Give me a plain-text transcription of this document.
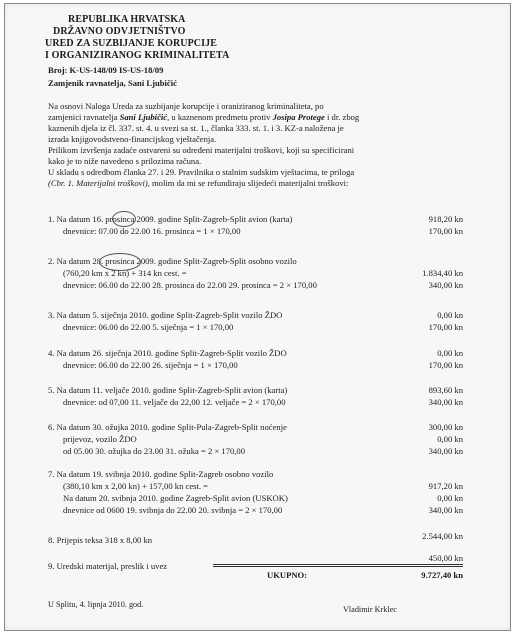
REPUBLIKA HRVATSKA
DRŽAVNO ODVJETNIŠTVO
URED ZA SUZBIJANJE KORUPCIJE
I ORGANIZIRANOG KRIMINALITETA
Broj: K-US-148/09 IS-US-18/09
Zamjenik ravnatelja, Sani Ljubičić
Na osnovi Naloga Ureda za suzbijanje korupcije i oraniziranog kriminaliteta, po
zamjenici ravnatelja Sani Ljubičić, u kaznenom predmetu protiv Josipa Protege i dr. zbog
kaznenih djela iz čl. 337. st. 4. u svezi sa st. 1., članka 333. st. 1. i 3. KZ-a naložena je
izrada knjigovodstveno-financijskog vještačenja.
Prilikom izvršenja zadaće ostvareni su određeni materijalni troškovi, koji su specificirani
kako je to niže navedeno s prilozima računa.
U skladu s odredbom članka 27. i 29. Pravilnika o stalnim sudskim vještacima, te priloga
(Cbr. 1. Materijalni troškovi), molim da mi se refundiraju slijedeći materijalni troškovi:
1. Na datum 16. prosinca 2009. godine Split-Zagreb-Split avion (karta)
dnevnice: 07.00 do 22.00 16. prosinca = 1 × 170,00
918,20 kn
170,00 kn
2. Na datum 28. prosinca 2009. godine Split-Zagreb-Split osobno vozilo
(760,20 km x 2 kn) + 314 kn cest. =
dnevnice: 06.00 do 22.00 28. prosinca do 22.00 29. prosinca = 2 × 170,00
1.834,40 kn
340,00 kn
3. Na datum 5. siječnja 2010. godine Split-Zagreb-Split vozilo ŽDO
dnevnice: 06.00 do 22.00 5. siječnja = 1 × 170,00
0,00 kn
170,00 kn
4. Na datum 26. siječnja 2010. godine Split-Zagreb-Split vozilo ŽDO
dnevnice: 06.00 do 22.00 26. siječnja = 1 × 170,00
0,00 kn
170,00 kn
5. Na datum 11. veljače 2010. godine Split-Zagreb-Split avion (karta)
dnevnice: od 07,00 11. veljače do 22,00 12. veljače = 2 × 170,00
893,60 kn
340,00 kn
6. Na datum 30. ožujka 2010. godine Split-Pula-Zagreb-Split noćenje
prijevoz, vozilo ŽDO
od 05.00 30. ožujka do 23.00 31. ožuka = 2 × 170,00
300,00 kn
0,00 kn
340,00 kn
7. Na datum 19. svibnja 2010. godine Split-Zagreb osobno vozilo
(380,10 km x 2,00 kn) + 157,00 kn cest. =
Na datum 20. svibnja 2010. godine Zagreb-Split avion (USKOK)
dnevnice od 0600 19. svibnja do 22.00 20. svibnja = 2 × 170,00
917,20 kn
0,00 kn
340,00 kn
8. Prijepis teksa 318 x 8,00 kn	2.544,00 kn
9. Uredski materijal, preslik i uvez
450,00 kn
UKUPNO:	9.727,40 kn
U Splitu, 4. lipnja 2010. god.
Vladimir Krklec
